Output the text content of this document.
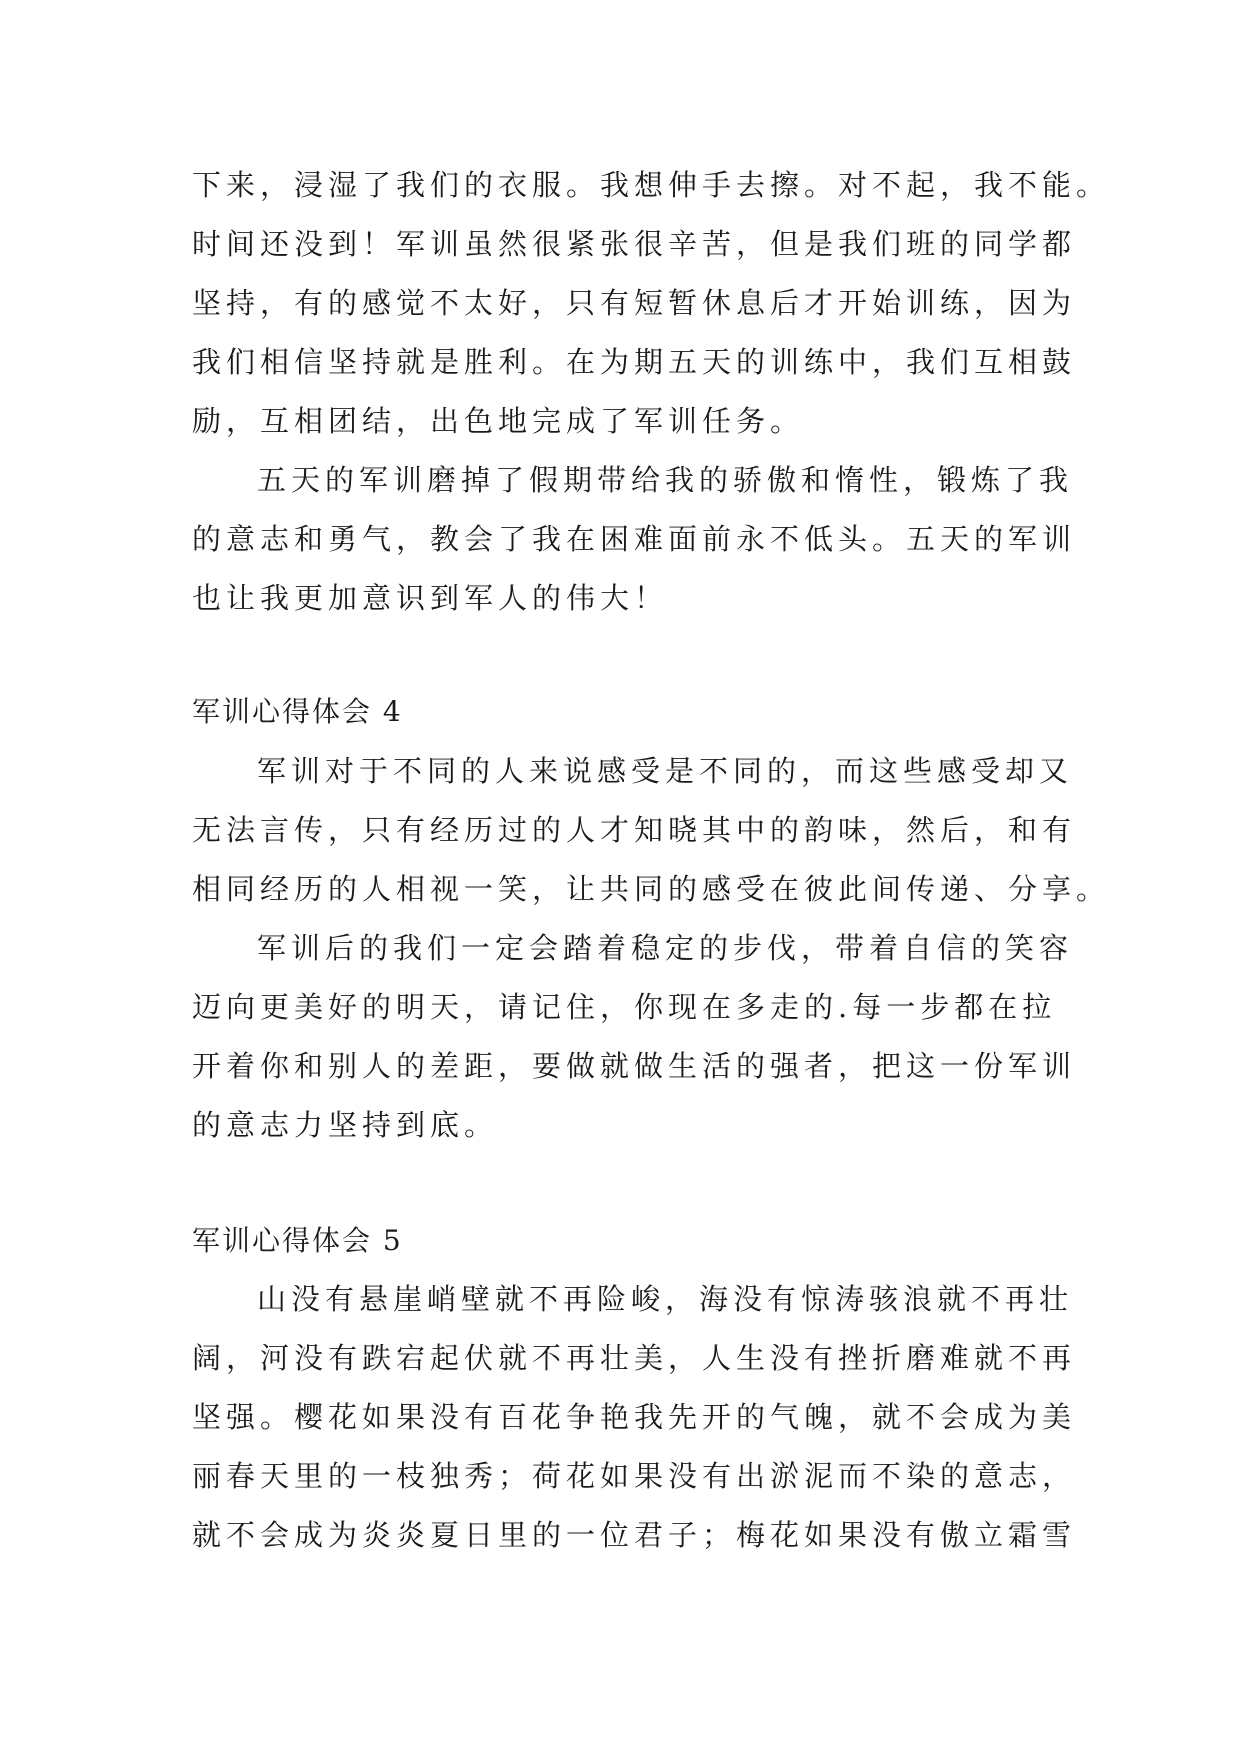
下来，浸湿了我们的衣服。我想伸手去擦。对不起，我不能。
时间还没到！军训虽然很紧张很辛苦，但是我们班的同学都
坚持，有的感觉不太好，只有短暂休息后才开始训练，因为
我们相信坚持就是胜利。在为期五天的训练中，我们互相鼓
励，互相团结，出色地完成了军训任务。
五天的军训磨掉了假期带给我的骄傲和惰性，锻炼了我
的意志和勇气，教会了我在困难面前永不低头。五天的军训
也让我更加意识到军人的伟大！
军训心得体会 4
军训对于不同的人来说感受是不同的，而这些感受却又
无法言传，只有经历过的人才知晓其中的韵味，然后，和有
相同经历的人相视一笑，让共同的感受在彼此间传递、分享。
军训后的我们一定会踏着稳定的步伐，带着自信的笑容
迈向更美好的明天，请记住，你现在多走的.每一步都在拉
开着你和别人的差距，要做就做生活的强者，把这一份军训
的意志力坚持到底。
军训心得体会 5
山没有悬崖峭壁就不再险峻，海没有惊涛骇浪就不再壮
阔，河没有跌宕起伏就不再壮美，人生没有挫折磨难就不再
坚强。樱花如果没有百花争艳我先开的气魄，就不会成为美
丽春天里的一枝独秀；荷花如果没有出淤泥而不染的意志，
就不会成为炎炎夏日里的一位君子；梅花如果没有傲立霜雪
